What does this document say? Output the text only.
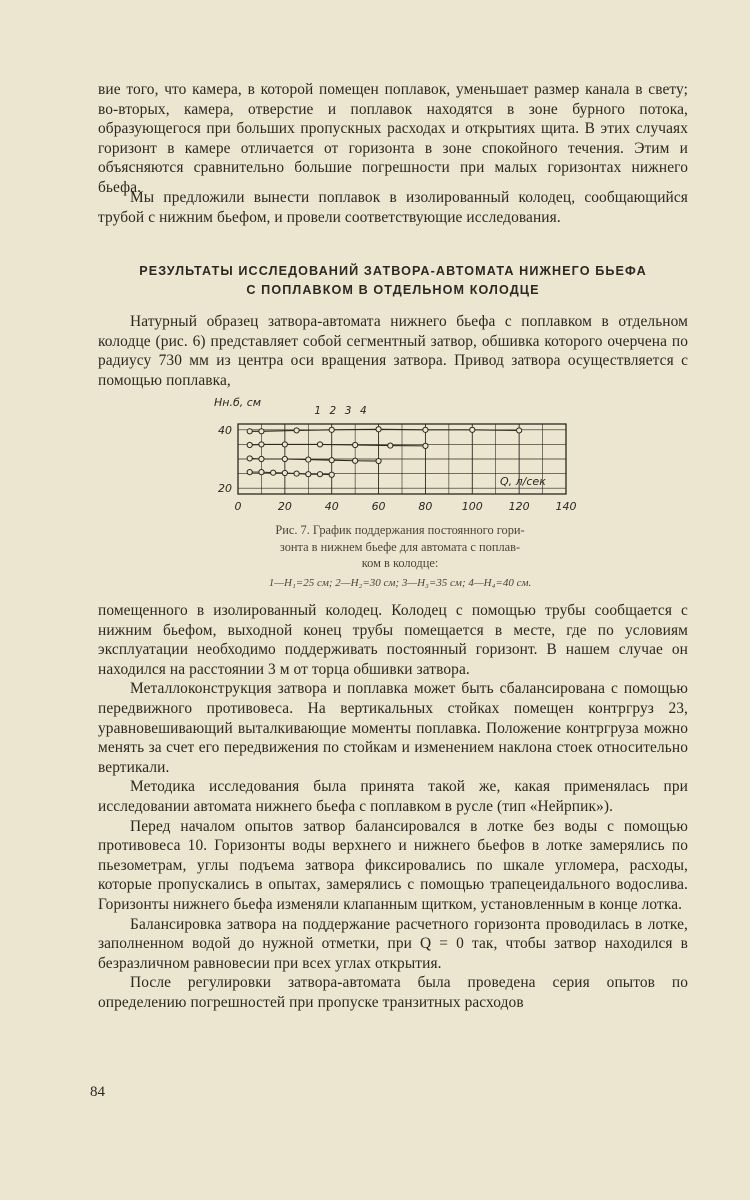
вие того, что камера, в которой помещен поплавок, уменьшает размер канала в свету; во-вторых, камера, отверстие и поплавок находятся в зоне бурного потока, образующегося при больших пропускных расходах и открытиях щита. В этих случаях горизонт в камере отличается от горизонта в зоне спокойного течения. Этим и объясняются сравнительно большие погрешности при малых горизонтах нижнего бьефа.

Мы предложили вынести поплавок в изолированный колодец, сообщающийся трубой с нижним бьефом, и провели соответствующие исследования.

РЕЗУЛЬТАТЫ ИССЛЕДОВАНИЙ ЗАТВОРА-АВТОМАТА НИЖНЕГО БЬЕФА
С ПОПЛАВКОМ В ОТДЕЛЬНОМ КОЛОДЦЕ

Натурный образец затвора-автомата нижнего бьефа с поплавком в отдельном колодце (рис. 6) представляет собой сегментный затвор, обшивка которого очерчена по радиусу 730 мм из центра оси вращения затвора. Привод затвора осуществляется с помощью поплавка,

Hн.б, см
Q, л/сек
0	20	40	60	80	100 120 140
20
40
1 2 3 4
Рис. 7. График поддержания постоянного гори-
зонта в нижнем бьефе для автомата с поплав-
ком в колодце:
1—H₁=25 см; 2—H₂=30 см; 3—H₃=35 см; 4—H₄=40 см.

помещенного в изолированный колодец. Колодец с помощью трубы сообщается с нижним бьефом, выходной конец трубы помещается в месте, где по условиям эксплуатации необходимо поддерживать постоянный горизонт. В нашем случае он находился на расстоянии 3 м от торца обшивки затвора.

Металлоконструкция затвора и поплавка может быть сбалансирована с помощью передвижного противовеса. На вертикальных стойках помещен контргруз 23, уравновешивающий выталкивающие моменты поплавка. Положение контргруза можно менять за счет его передвижения по стойкам и изменением наклона стоек относительно вертикали.

Методика исследования была принята такой же, какая применялась при исследовании автомата нижнего бьефа с поплавком в русле (тип «Нейрпик»).

Перед началом опытов затвор балансировался в лотке без воды с помощью противовеса 10. Горизонты воды верхнего и нижнего бьефов в лотке замерялись по пьезометрам, углы подъема затвора фиксировались по шкале угломера, расходы, которые пропускались в опытах, замерялись с помощью трапецеидального водослива. Горизонты нижнего бьефа изменяли клапанным щитком, установленным в конце лотка.

Балансировка затвора на поддержание расчетного горизонта проводилась в лотке, заполненном водой до нужной отметки, при Q = 0 так, чтобы затвор находился в безразличном равновесии при всех углах открытия.

После регулировки затвора-автомата была проведена серия опытов по определению погрешностей при пропуске транзитных расходов

84
